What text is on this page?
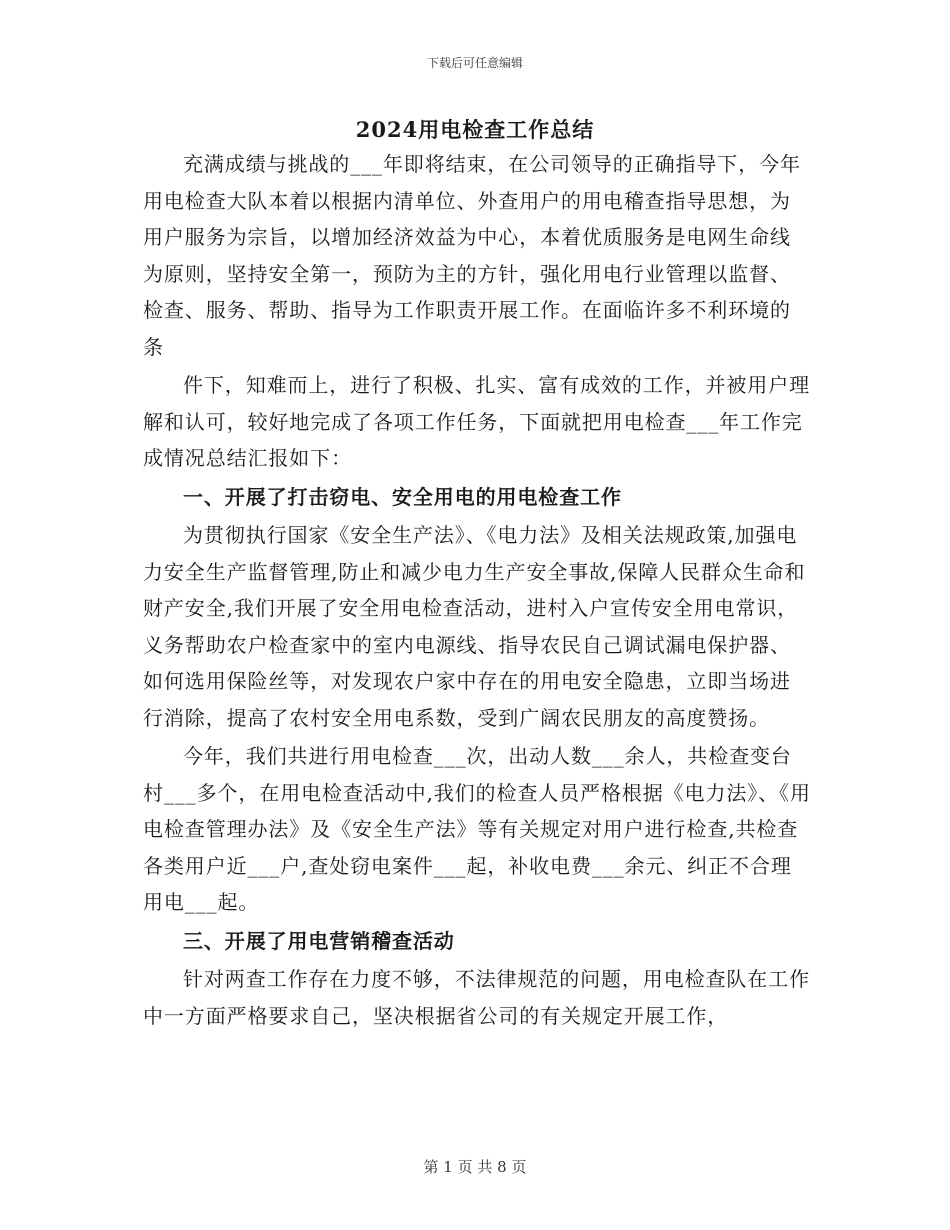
下载后可任意编辑
2024用电检查工作总结

充满成绩与挑战的___年即将结束，在公司领导的正确指导下，今年用电检查大队本着以根据内清单位、外查用户的用电稽查指导思想，为用户服务为宗旨，以增加经济效益为中心，本着优质服务是电网生命线为原则，坚持安全第一，预防为主的方针，强化用电行业管理以监督、检查、服务、帮助、指导为工作职责开展工作。在面临许多不利环境的条

件下，知难而上，进行了积极、扎实、富有成效的工作，并被用户理解和认可，较好地完成了各项工作任务，下面就把用电检查___年工作完成情况总结汇报如下：

一、开展了打击窃电、安全用电的用电检查工作

为贯彻执行国家《安全生产法》、《电力法》及相关法规政策,加强电力安全生产监督管理,防止和减少电力生产安全事故,保障人民群众生命和财产安全,我们开展了安全用电检查活动，进村入户宣传安全用电常识，义务帮助农户检查家中的室内电源线、指导农民自己调试漏电保护器、如何选用保险丝等，对发现农户家中存在的用电安全隐患，立即当场进行消除，提高了农村安全用电系数，受到广阔农民朋友的高度赞扬。

今年，我们共进行用电检查___次，出动人数___余人，共检查变台村___多个，在用电检查活动中,我们的检查人员严格根据《电力法》、《用电检查管理办法》及《安全生产法》等有关规定对用户进行检查,共检查各类用户近___户,查处窃电案件___起，补收电费___余元、纠正不合理用电___起。

三、开展了用电营销稽查活动

针对两查工作存在力度不够，不法律规范的问题，用电检查队在工作中一方面严格要求自己，坚决根据省公司的有关规定开展工作，

第 1 页 共 8 页
